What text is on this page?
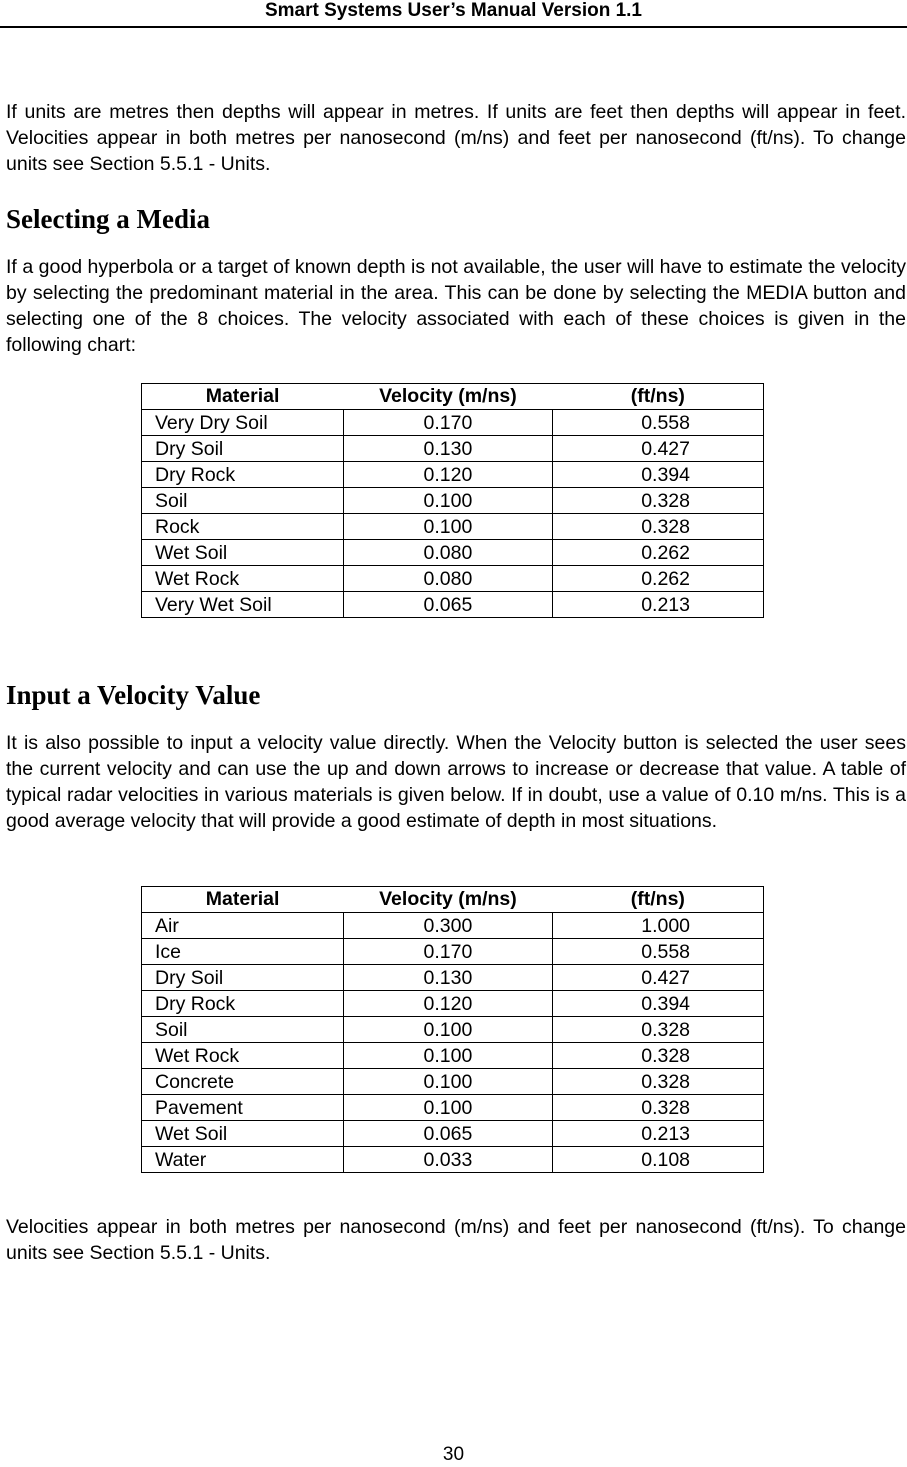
Smart Systems User’s Manual Version 1.1

If units are metres then depths will appear in metres. If units are feet then depths will appear in feet. Velocities appear in both metres per nanosecond (m/ns) and feet per nanosecond (ft/ns). To change units see Section 5.5.1 - Units.

Selecting a Media

If a good hyperbola or a target of known depth is not available, the user will have to estimate the velocity by selecting the predominant material in the area. This can be done by selecting the MEDIA button and selecting one of the 8 choices. The velocity associated with each of these choices is given in the following chart:

Material	Velocity (m/ns)	(ft/ns)
Very Dry Soil	0.170	0.558
Dry Soil	0.130	0.427
Dry Rock	0.120	0.394
Soil	0.100	0.328
Rock	0.100	0.328
Wet Soil	0.080	0.262
Wet Rock	0.080	0.262
Very Wet Soil	0.065	0.213
Input a Velocity Value

It is also possible to input a velocity value directly. When the Velocity button is selected the user sees the current velocity and can use the up and down arrows to increase or decrease that value. A table of typical radar velocities in various materials is given below. If in doubt, use a value of 0.10 m/ns. This is a good average velocity that will provide a good estimate of depth in most situations.

Material	Velocity (m/ns)	(ft/ns)
Air	0.300	1.000
Ice	0.170	0.558
Dry Soil	0.130	0.427
Dry Rock	0.120	0.394
Soil	0.100	0.328
Wet Rock	0.100	0.328
Concrete	0.100	0.328
Pavement	0.100	0.328
Wet Soil	0.065	0.213
Water	0.033	0.108

Velocities appear in both metres per nanosecond (m/ns) and feet per nanosecond (ft/ns). To change units see Section 5.5.1 - Units.

30
